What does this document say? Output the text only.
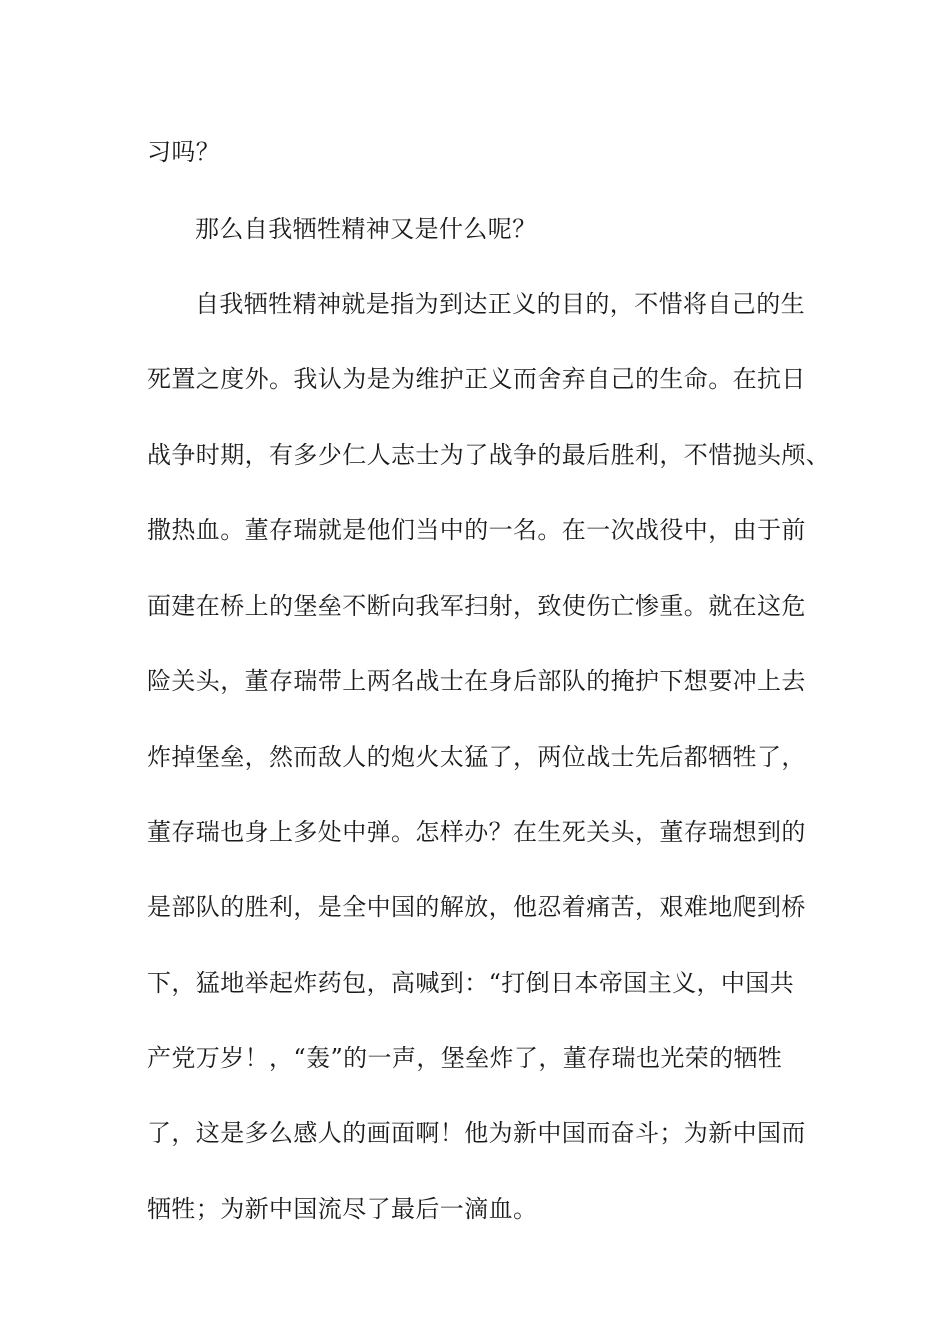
习吗？

那么自我牺牲精神又是什么呢？

自我牺牲精神就是指为到达正义的目的，不惜将自己的生

死置之度外。我认为是为维护正义而舍弃自己的生命。在抗日

战争时期，有多少仁人志士为了战争的最后胜利，不惜抛头颅、

撒热血。董存瑞就是他们当中的一名。在一次战役中，由于前

面建在桥上的堡垒不断向我军扫射，致使伤亡惨重。就在这危

险关头，董存瑞带上两名战士在身后部队的掩护下想要冲上去

炸掉堡垒，然而敌人的炮火太猛了，两位战士先后都牺牲了，

董存瑞也身上多处中弹。怎样办？在生死关头，董存瑞想到的

是部队的胜利，是全中国的解放，他忍着痛苦，艰难地爬到桥

下，猛地举起炸药包，高喊到：“打倒日本帝国主义，中国共

产党万岁！，“轰”的一声，堡垒炸了，董存瑞也光荣的牺牲

了，这是多么感人的画面啊！他为新中国而奋斗；为新中国而

牺牲；为新中国流尽了最后一滴血。
